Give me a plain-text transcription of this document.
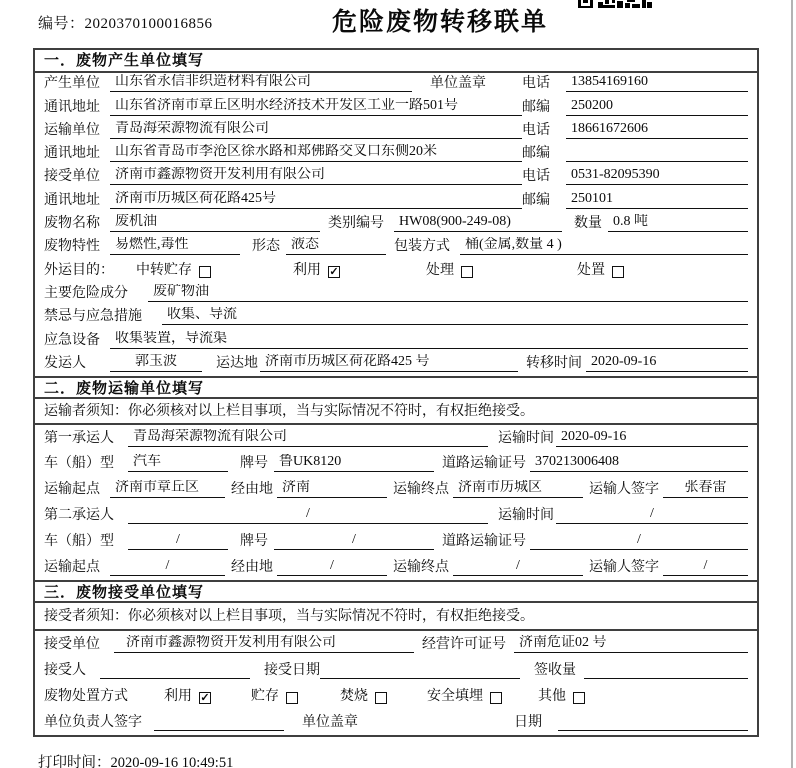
编号：2020370100016856	危险废物转移联单
一．废物产生单位填写
产生单位	山东省永信非织造材料有限公司	单位盖章	电话	13854169160
通讯地址	山东省济南市章丘区明水经济技术开发区工业一路501号	邮编	250200
运输单位	青岛海荣源物流有限公司	电话	18661672606
通讯地址	山东省青岛市李沧区徐水路和郑佛路交叉口东侧20米	邮编
接受单位	济南市鑫源物资开发利用有限公司	电话	0531-82095390
通讯地址	济南市历城区荷花路425号	邮编	250101
废物名称	废机油	类别编号	HW08(900-249-08)	数量 0.8 吨
废物特性	易燃性,毒性	形态 液态	包装方式	桶(金属,数量 4 )
外运目的：	中转贮存	利用 ✓	处理	处置
主要危险成分	废矿物油
禁忌与应急措施	收集、导流
应急设备	收集装置，导流渠
发运人	郭玉波	运达地 济南市历城区荷花路425 号	转移时间 2020-09-16
二．废物运输单位填写
运输者须知：你必须核对以上栏目事项，当与实际情况不符时，有权拒绝接受。
第一承运人	青岛海荣源物流有限公司	运输时间 2020-09-16
车（船）型	汽车	牌号 鲁UK8120	道路运输证号 370213006408
运输起点	济南市章丘区	经由地 济南	运输终点 济南市历城区	运输人签字	张春雷
第二承运人	/	运输时间	/
车（船）型	/	牌号	/	道路运输证号	/
运输起点	/	经由地	/	运输终点	/	运输人签字	/
三．废物接受单位填写
接受者须知：你必须核对以上栏目事项，当与实际情况不符时，有权拒绝接受。
接受单位	济南市鑫源物资开发利用有限公司	经营许可证号 济南危证02 号
接受人	接受日期	签收量
废物处置方式	利用 ✓	贮存	焚烧	安全填埋	其他
单位负责人签字	单位盖章	日期
打印时间：2020-09-16 10:49:51
